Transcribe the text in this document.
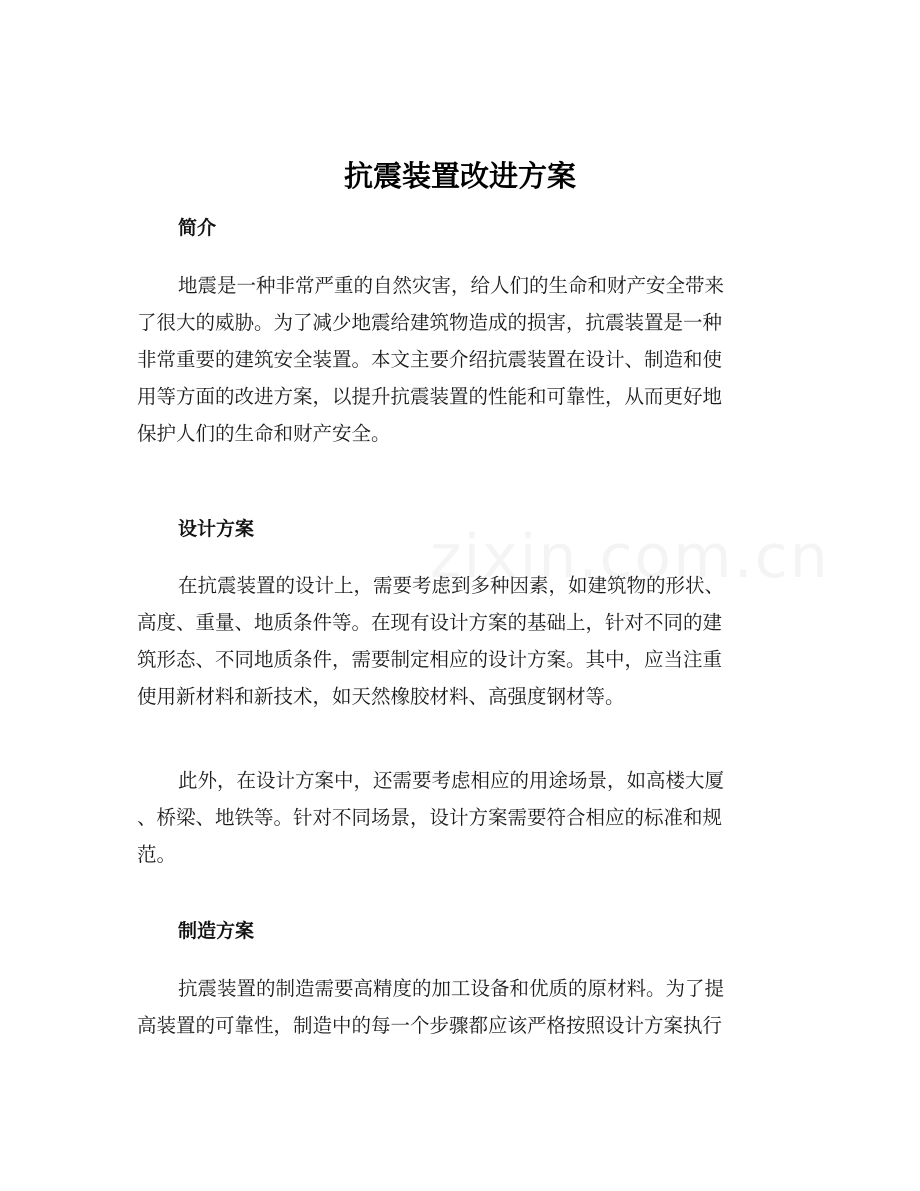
抗震装置改进方案
简介

地震是一种非常严重的自然灾害，给人们的生命和财产安全带来
了很大的威胁。为了减少地震给建筑物造成的损害，抗震装置是一种
非常重要的建筑安全装置。本文主要介绍抗震装置在设计、制造和使
用等方面的改进方案，以提升抗震装置的性能和可靠性，从而更好地
保护人们的生命和财产安全。

设计方案

在抗震装置的设计上，需要考虑到多种因素，如建筑物的形状、
高度、重量、地质条件等。在现有设计方案的基础上，针对不同的建
筑形态、不同地质条件，需要制定相应的设计方案。其中，应当注重
使用新材料和新技术，如天然橡胶材料、高强度钢材等。

此外，在设计方案中，还需要考虑相应的用途场景，如高楼大厦
、桥梁、地铁等。针对不同场景，设计方案需要符合相应的标准和规
范。

制造方案

抗震装置的制造需要高精度的加工设备和优质的原材料。为了提
高装置的可靠性，制造中的每一个步骤都应该严格按照设计方案执行
